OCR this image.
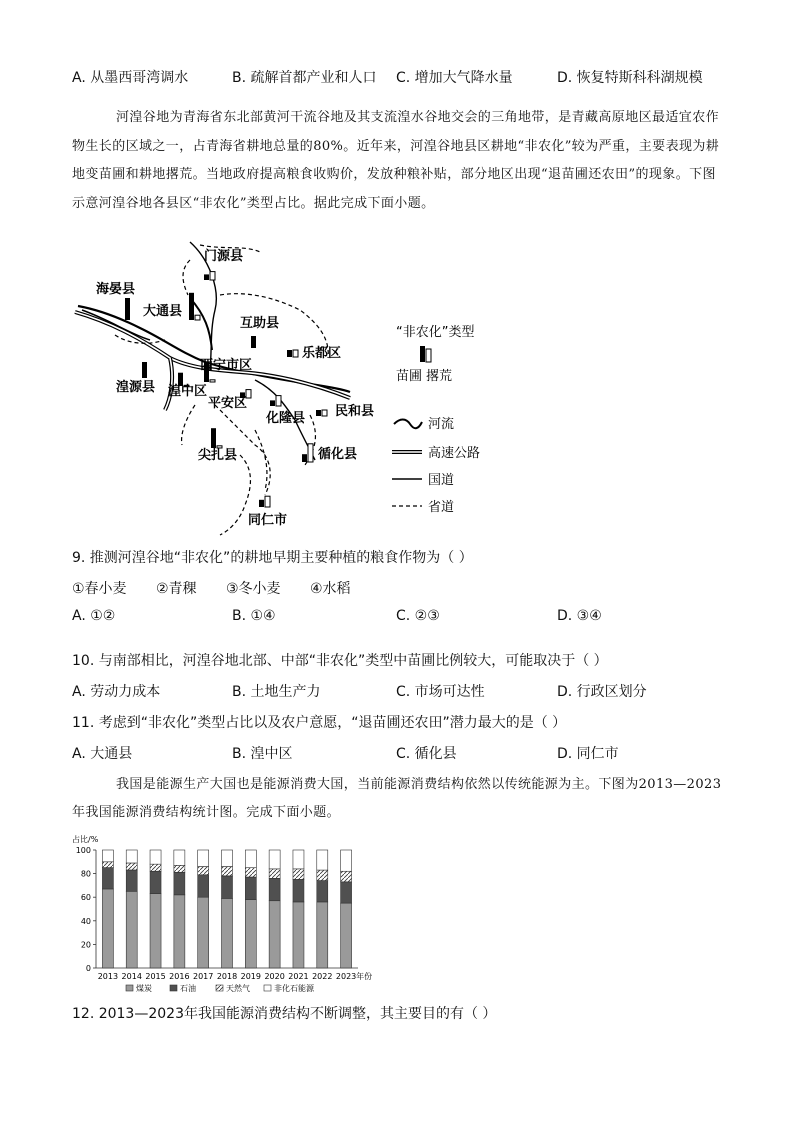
A. 从墨西哥湾调水	B. 疏解首都产业和人口 C. 增加大气降水量	D. 恢复特斯科科湖规模
河湟谷地为青海省东北部黄河干流谷地及其支流湟水谷地交会的三角地带，是青藏高原地区最适宜农作物生长的区域之一，占青海省耕地总量的80%。近年来，河湟谷地县区耕地“非农化”较为严重，主要表现为耕地变苗圃和耕地撂荒。当地政府提高粮食收购价，发放种粮补贴，部分地区出现“退苗圃还农田”的现象。下图示意河湟谷地各县区“非农化”类型占比。据此完成下面小题。
门源县
海晏县
大通县
互助县
乐都区
湟源县
西宁市区
湟中区
平安区
化隆县 民和县
尖扎县	循化县
同仁市
“非农化”类型
苗圃 撂荒
河流
高速公路
国道
省道
9. 推测河湟谷地“非农化”的耕地早期主要种植的粮食作物为（ ）
①春小麦 ②青稞 ③冬小麦 ④水稻
A. ①②	B. ①④	C. ②③	D. ③④
10. 与南部相比，河湟谷地北部、中部“非农化”类型中苗圃比例较大，可能取决于（ ）
A. 劳动力成本	B. 土地生产力	C. 市场可达性	D. 行政区划分
11. 考虑到“非农化”类型占比以及农户意愿，“退苗圃还农田”潜力最大的是（ ）
A. 大通县	B. 湟中区	C. 循化县	D. 同仁市
我国是能源生产大国也是能源消费大国，当前能源消费结构依然以传统能源为主。下图为2013—2023年我国能源消费结构统计图。完成下面小题。
占比/%
0
20
40
60
80
100
2013 2014 2015 2016 2017 2018 2019 2020 2021 2022 2023 年份
煤炭	石油	天然气	非化石能源
12. 2013—2023年我国能源消费结构不断调整，其主要目的有（ ）
